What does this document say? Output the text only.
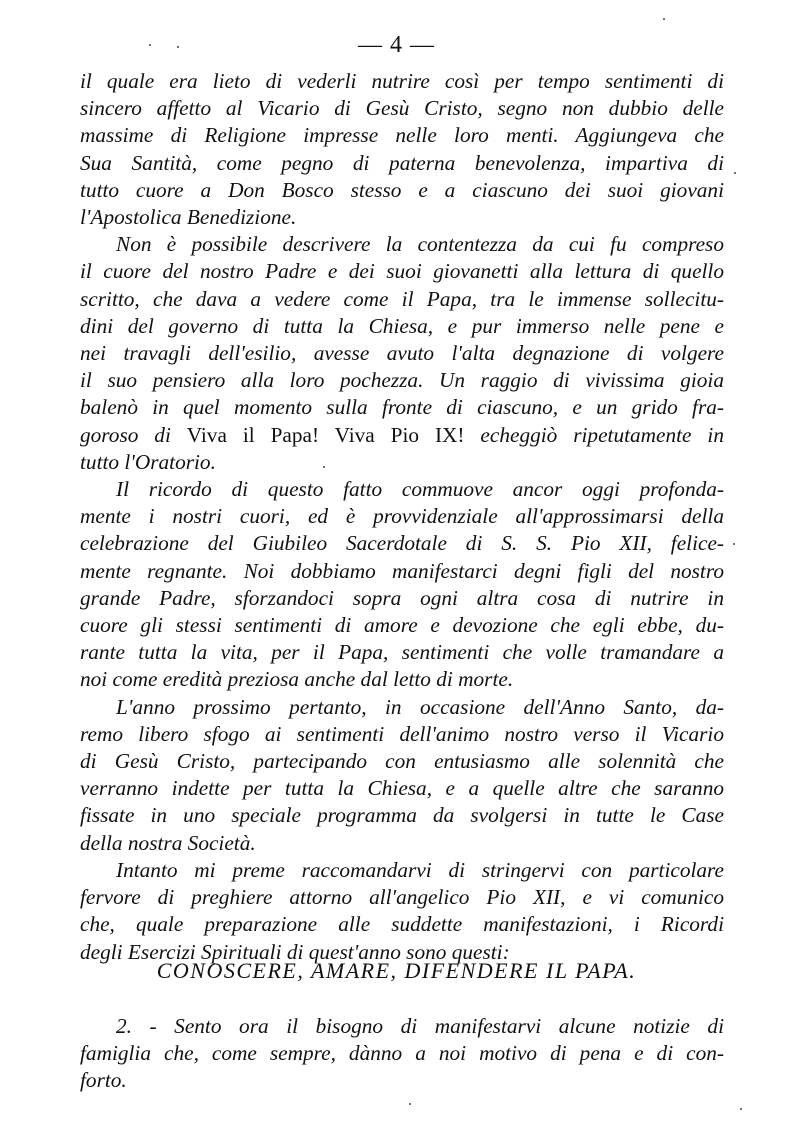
— 4 —
il quale era lieto di vederli nutrire così per tempo sentimenti di
sincero affetto al Vicario di Gesù Cristo, segno non dubbio delle
massime di Religione impresse nelle loro menti. Aggiungeva che
Sua Santità, come pegno di paterna benevolenza, impartiva di
tutto cuore a Don Bosco stesso e a ciascuno dei suoi giovani
l'Apostolica Benedizione.
Non è possibile descrivere la contentezza da cui fu compreso
il cuore del nostro Padre e dei suoi giovanetti alla lettura di quello
scritto, che dava a vedere come il Papa, tra le immense sollecitu-
dini del governo di tutta la Chiesa, e pur immerso nelle pene e
nei travagli dell'esilio, avesse avuto l'alta degnazione di volgere
il suo pensiero alla loro pochezza. Un raggio di vivissima gioia
balenò in quel momento sulla fronte di ciascuno, e un grido fra-
goroso di Viva il Papa! Viva Pio IX! echeggiò ripetutamente in
tutto l'Oratorio.
Il ricordo di questo fatto commuove ancor oggi profonda-
mente i nostri cuori, ed è provvidenziale all'approssimarsi della
celebrazione del Giubileo Sacerdotale di S. S. Pio XII, felice-
mente regnante. Noi dobbiamo manifestarci degni figli del nostro
grande Padre, sforzandoci sopra ogni altra cosa di nutrire in
cuore gli stessi sentimenti di amore e devozione che egli ebbe, du-
rante tutta la vita, per il Papa, sentimenti che volle tramandare a
noi come eredità preziosa anche dal letto di morte.
L'anno prossimo pertanto, in occasione dell'Anno Santo, da-
remo libero sfogo ai sentimenti dell'animo nostro verso il Vicario
di Gesù Cristo, partecipando con entusiasmo alle solennità che
verranno indette per tutta la Chiesa, e a quelle altre che saranno
fissate in uno speciale programma da svolgersi in tutte le Case
della nostra Società.
Intanto mi preme raccomandarvi di stringervi con particolare
fervore di preghiere attorno all'angelico Pio XII, e vi comunico
che, quale preparazione alle suddette manifestazioni, i Ricordi
degli Esercizi Spirituali di quest'anno sono questi:
CONOSCERE, AMARE, DIFENDERE IL PAPA.
2. - Sento ora il bisogno di manifestarvi alcune notizie di
famiglia che, come sempre, dànno a noi motivo di pena e di con-
forto.
